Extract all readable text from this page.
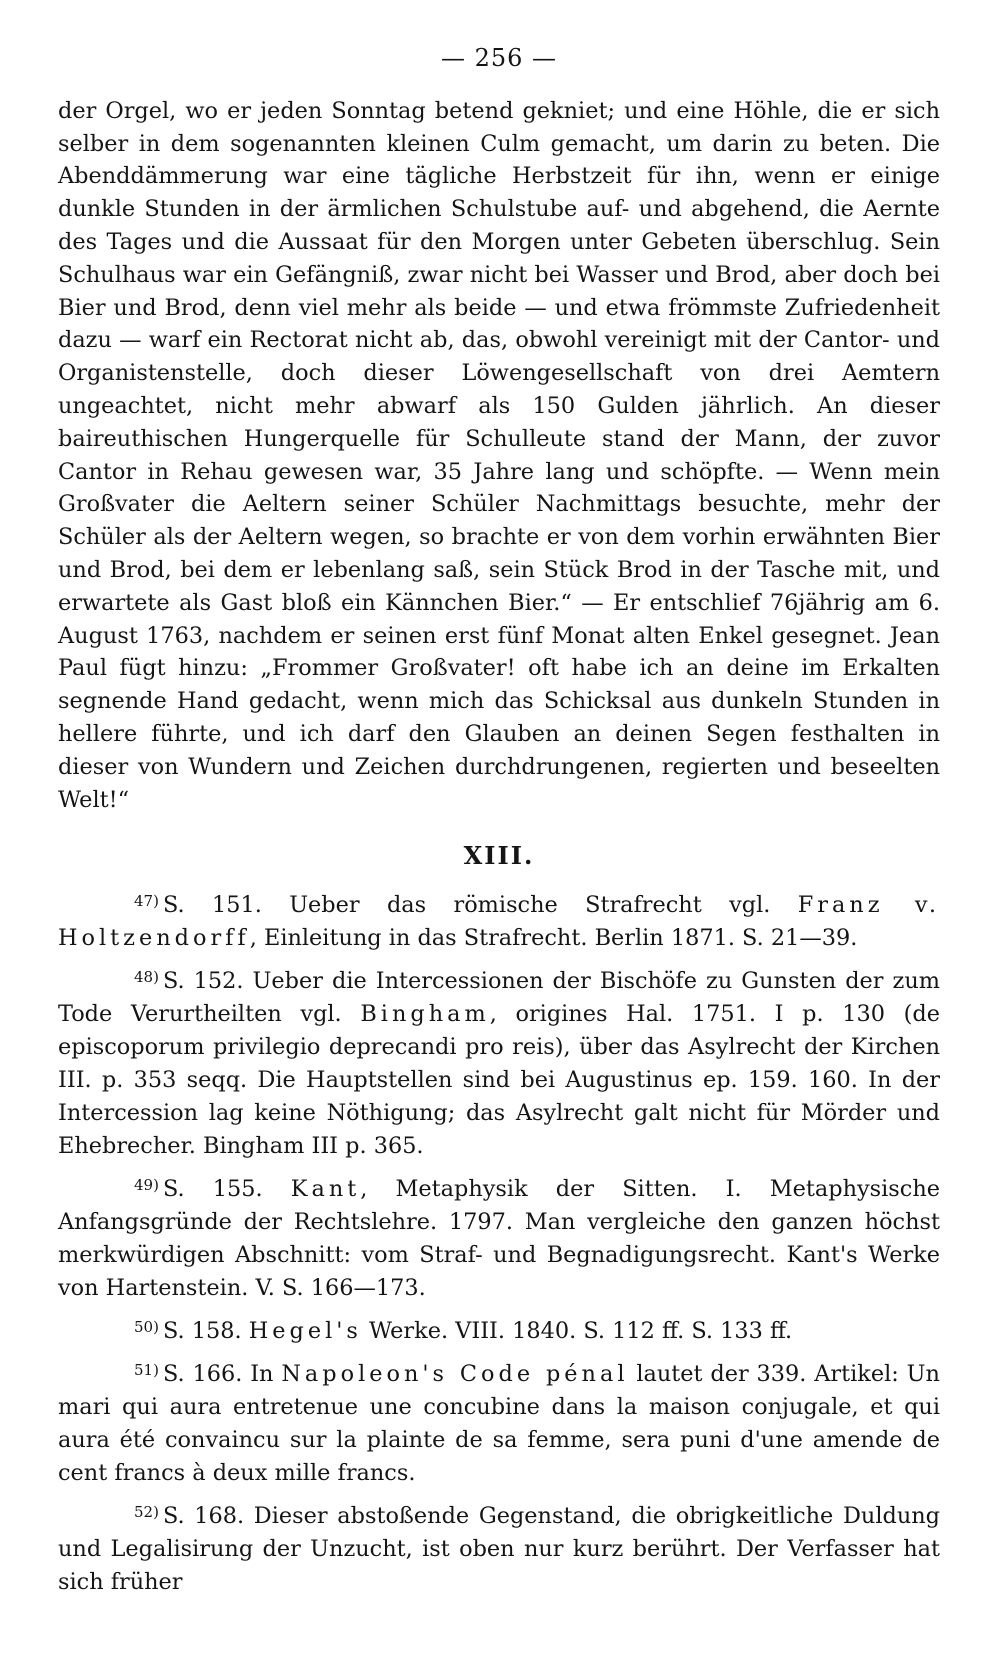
— 256 —

der Orgel, wo er jeden Sonntag betend gekniet; und eine Höhle, die er sich selber in dem sogenannten kleinen Culm gemacht, um darin zu beten. Die Abenddämmerung war eine tägliche Herbstzeit für ihn, wenn er einige dunkle Stunden in der ärmlichen Schulstube auf- und abgehend, die Aernte des Tages und die Aussaat für den Morgen unter Gebeten überschlug. Sein Schulhaus war ein Gefängniß, zwar nicht bei Wasser und Brod, aber doch bei Bier und Brod, denn viel mehr als beide — und etwa frömmste Zufriedenheit dazu — warf ein Rectorat nicht ab, das, obwohl vereinigt mit der Cantor- und Organistenstelle, doch dieser Löwengesellschaft von drei Aemtern ungeachtet, nicht mehr abwarf als 150 Gulden jährlich. An dieser baireuthischen Hungerquelle für Schulleute stand der Mann, der zuvor Cantor in Rehau gewesen war, 35 Jahre lang und schöpfte. — Wenn mein Großvater die Aeltern seiner Schüler Nachmittags besuchte, mehr der Schüler als der Aeltern wegen, so brachte er von dem vorhin erwähnten Bier und Brod, bei dem er lebenlang saß, sein Stück Brod in der Tasche mit, und erwartete als Gast bloß ein Kännchen Bier.“ — Er entschlief 76jährig am 6. August 1763, nachdem er seinen erst fünf Monat alten Enkel gesegnet. Jean Paul fügt hinzu: „Frommer Großvater! oft habe ich an deine im Erkalten segnende Hand gedacht, wenn mich das Schicksal aus dunkeln Stunden in hellere führte, und ich darf den Glauben an deinen Segen festhalten in dieser von Wundern und Zeichen durchdrungenen, regierten und beseelten Welt!“

XIII.

$^{47)}$ S. 151. Ueber das römische Strafrecht vgl. Franz v. Holtzendorff, Einleitung in das Strafrecht. Berlin 1871. S. 21—39.

$^{48)}$ S. 152. Ueber die Intercessionen der Bischöfe zu Gunsten der zum Tode Verurtheilten vgl. Bingham, origines Hal. 1751. I p. 130 (de episcoporum privilegio deprecandi pro reis), über das Asylrecht der Kirchen III. p. 353 seqq. Die Hauptstellen sind bei Augustinus ep. 159. 160. In der Intercession lag keine Nöthigung; das Asylrecht galt nicht für Mörder und Ehebrecher. Bingham III p. 365.

$^{49)}$ S. 155. Kant, Metaphysik der Sitten. I. Metaphysische Anfangsgründe der Rechtslehre. 1797. Man vergleiche den ganzen höchst merkwürdigen Abschnitt: vom Straf- und Begnadigungsrecht. Kant's Werke von Hartenstein. V. S. 166—173.

$^{50)}$ S. 158. Hegel's Werke. VIII. 1840. S. 112 ff. S. 133 ff.

$^{51)}$ S. 166. In Napoleon's Code pénal lautet der 339. Artikel: Un mari qui aura entretenue une concubine dans la maison conjugale, et qui aura été convaincu sur la plainte de sa femme, sera puni d'une amende de cent francs à deux mille francs.

$^{52)}$ S. 168. Dieser abstoßende Gegenstand, die obrigkeitliche Duldung und Legalisirung der Unzucht, ist oben nur kurz berührt. Der Verfasser hat sich früher
